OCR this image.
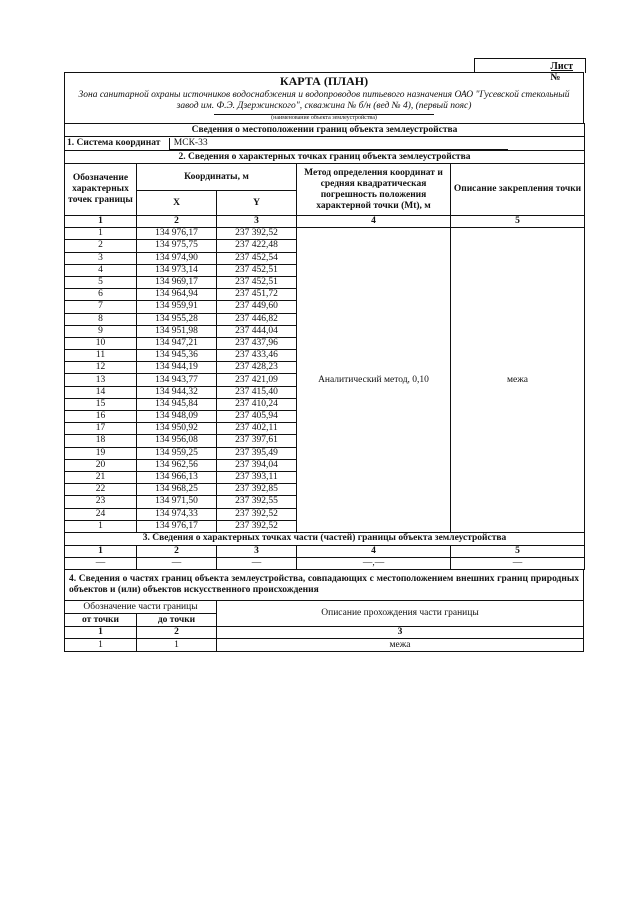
Лист №
КАРТА (ПЛАН)
Зона санитарной охраны источников водоснабжения и водопроводов питьевого назначения ОАО "Гусевской стекольный завод им. Ф.Э. Дзержинского", скважина № б/н (вед № 4), (первый пояс)
(наименование объекта землеустройства)
Сведения о местоположении границ объекта землеустройства				
1. Система координат МСК-33				
2. Сведения о характерных точках границ объекта землеустройства				
Обозначение характерных точек границы	Координаты, м		Метод определения координат и средняя квадратическая погрешность положения характерной точки (Mt), м	Описание закрепления точки
	X	Y		
1	2	3	4	5
1	134 976,17	237 392,52	Аналитический метод, 0,10	межа
2	134 975,75	237 422,48		
3	134 974,90	237 452,54		
4	134 973,14	237 452,51		
5	134 969,17	237 452,51		
6	134 964,94	237 451,72		
7	134 959,91	237 449,60		
8	134 955,28	237 446,82		
9	134 951,98	237 444,04		
10	134 947,21	237 437,96		
11	134 945,36	237 433,46		
12	134 944,19	237 428,23		
13	134 943,77	237 421,09		
14	134 944,32	237 415,40		
15	134 945,84	237 410,24		
16	134 948,09	237 405,94		
17	134 950,92	237 402,11		
18	134 956,08	237 397,61		
19	134 959,25	237 395,49		
20	134 962,56	237 394,04		
21	134 966,13	237 393,11		
22	134 968,25	237 392,85		
23	134 971,50	237 392,55		
24	134 974,33	237 392,52		
1	134 976,17	237 392,52		
3. Сведения о характерных точках части (частей) границы объекта землеустройства				
1	2	3	4	5
—	—	—	—,—	—
4. Сведения о частях границ объекта землеустройства, совпадающих с местоположением внешних границ природных объектов и (или) объектов искусственного происхождения		
Обозначение части границы		Описание прохождения части границы
от точки	до точки	
1	2	3
1	1	межа
